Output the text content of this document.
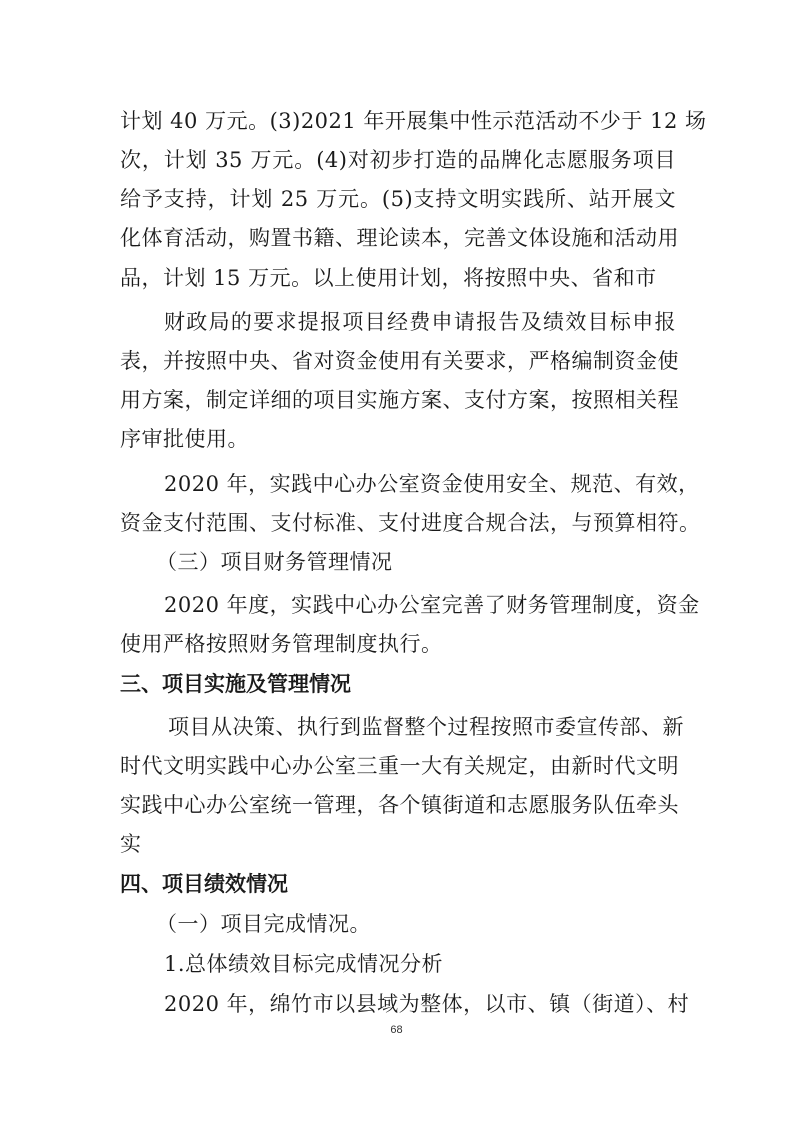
计划 40 万元。(3)2021 年开展集中性示范活动不少于 12 场
次，计划 35 万元。(4)对初步打造的品牌化志愿服务项目
给予支持，计划 25 万元。(5)支持文明实践所、站开展文
化体育活动，购置书籍、理论读本，完善文体设施和活动用
品，计划 15 万元。以上使用计划，将按照中央、省和市
财政局的要求提报项目经费申请报告及绩效目标申报
表，并按照中央、省对资金使用有关要求，严格编制资金使
用方案，制定详细的项目实施方案、支付方案，按照相关程
序审批使用。
2020 年，实践中心办公室资金使用安全、规范、有效，
资金支付范围、支付标准、支付进度合规合法，与预算相符。
（三）项目财务管理情况
2020 年度，实践中心办公室完善了财务管理制度，资金
使用严格按照财务管理制度执行。
三、项目实施及管理情况
项目从决策、执行到监督整个过程按照市委宣传部、新
时代文明实践中心办公室三重一大有关规定，由新时代文明
实践中心办公室统一管理，各个镇街道和志愿服务队伍牵头
实
四、项目绩效情况
（一）项目完成情况。
1.总体绩效目标完成情况分析
2020 年，绵竹市以县域为整体，以市、镇（街道）、村
68
